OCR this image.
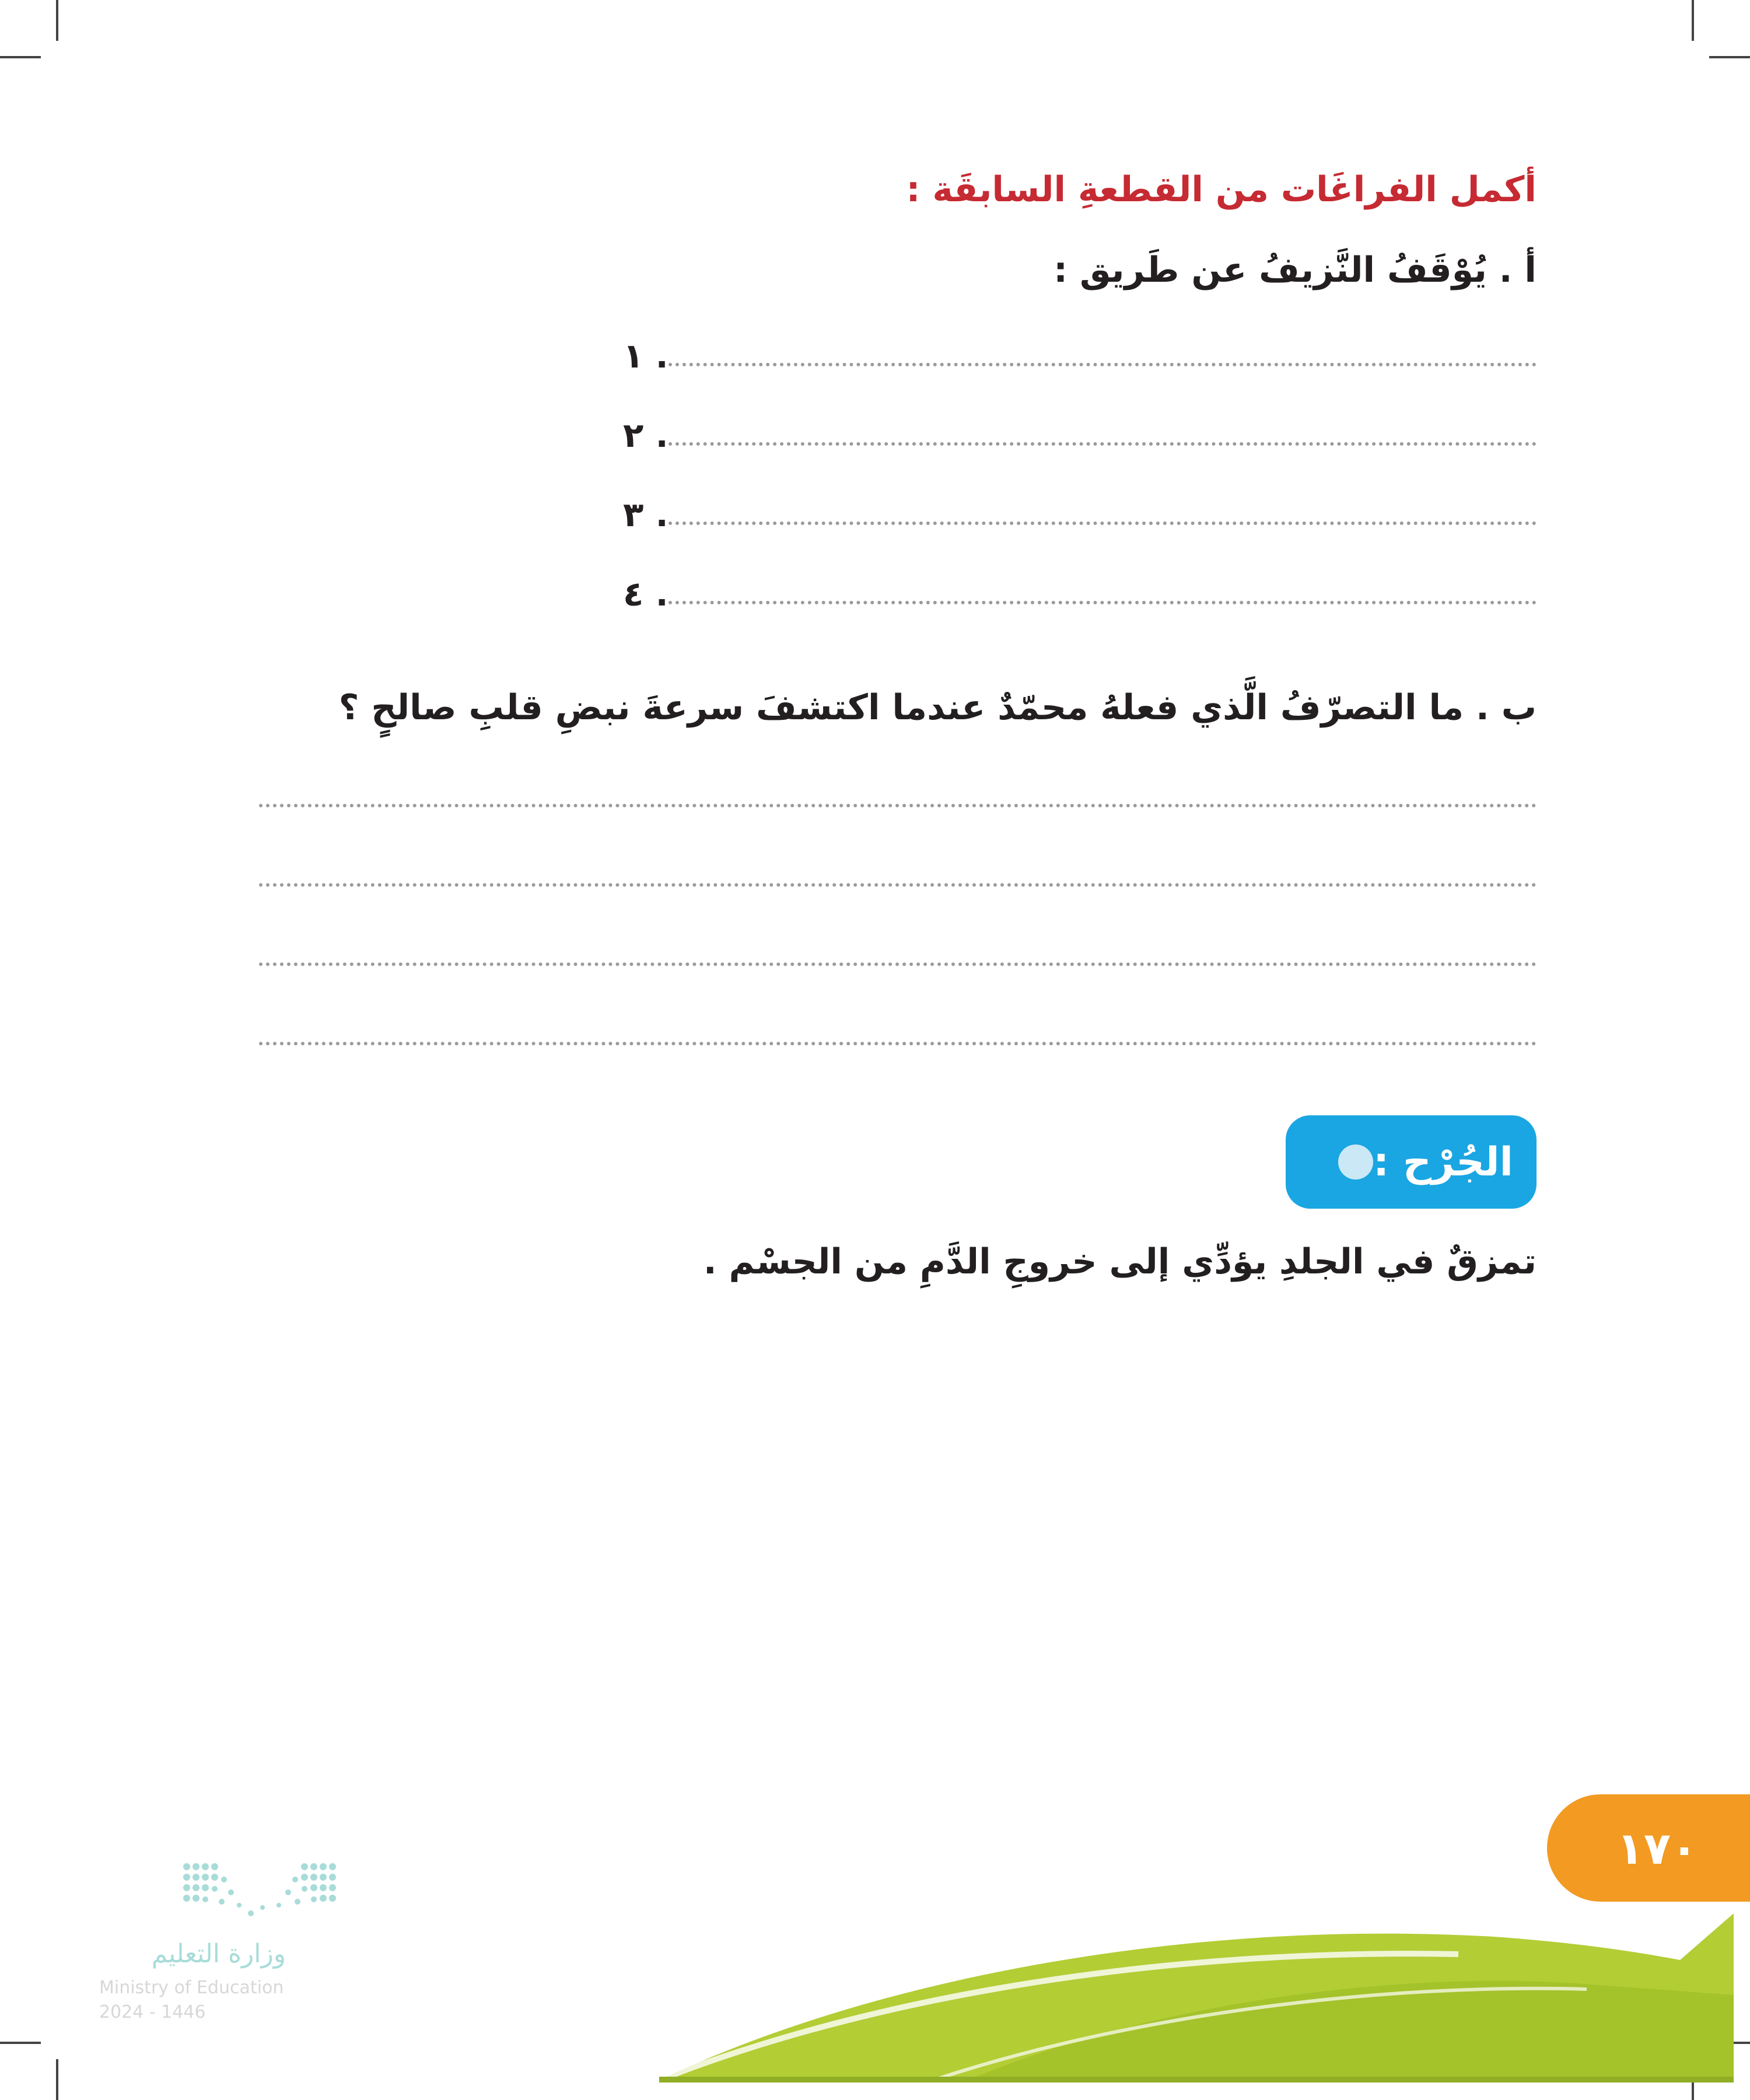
أكمل الفراغَات من القطعةِ السابقَة :
أ . يُوْقَفُ النَّزيفُ عن طَريق :
١ .
٢ .
٣ .
٤ .
ب . ما التصرّفُ الَّذي فعلهُ محمّدٌ عندما اكتشفَ سرعةَ نبضِ قلبِ صالحٍ ؟
الجُرْح :
تمزقٌ في الجلدِ يؤدِّي إلى خروجِ الدَّمِ من الجسْم .
١٧٠
وزارة التعليم
Ministry of Education
2024 - 1446
